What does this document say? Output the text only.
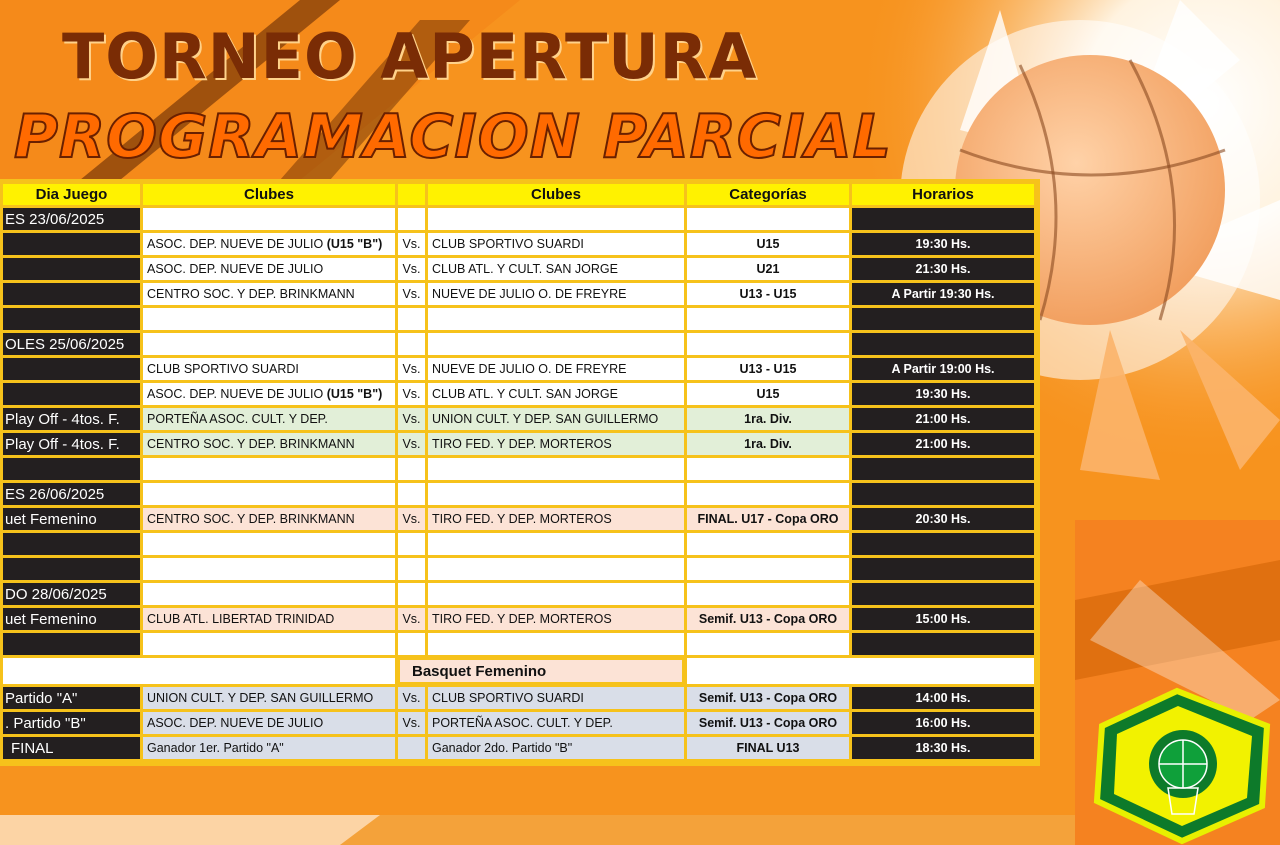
TORNEO APERTURA
PROGRAMACION PARCIAL
Dia Juego	Clubes		Clubes	Categorías	Horarios
ES 23/06/2025					
	ASOC. DEP. NUEVE DE JULIO (U15 "B")	Vs.	CLUB SPORTIVO SUARDI	U15	19:30 Hs.
	ASOC. DEP. NUEVE DE JULIO	Vs.	CLUB ATL. Y CULT. SAN JORGE	U21	21:30 Hs.
	CENTRO SOC. Y DEP. BRINKMANN	Vs.	NUEVE DE JULIO O. DE FREYRE	U13 - U15	A Partir 19:30 Hs.

OLES 25/06/2025					
	CLUB SPORTIVO SUARDI	Vs.	NUEVE DE JULIO O. DE FREYRE	U13 - U15	A Partir 19:00 Hs.
	ASOC. DEP. NUEVE DE JULIO (U15 "B")	Vs.	CLUB ATL. Y CULT. SAN JORGE	U15	19:30 Hs.
Play Off - 4tos. F.	PORTEÑA ASOC. CULT. Y DEP.	Vs.	UNION CULT. Y DEP. SAN GUILLERMO	1ra. Div.	21:00 Hs.
Play Off - 4tos. F.	CENTRO SOC. Y DEP. BRINKMANN	Vs.	TIRO FED. Y DEP. MORTEROS	1ra. Div.	21:00 Hs.

ES 26/06/2025					
uet Femenino	CENTRO SOC. Y DEP. BRINKMANN	Vs.	TIRO FED. Y DEP. MORTEROS	FINAL. U17 - Copa ORO	20:30 Hs.

DO 28/06/2025					
uet Femenino	CLUB ATL. LIBERTAD TRINIDAD	Vs.	TIRO FED. Y DEP. MORTEROS	Semif. U13 - Copa ORO	15:00 Hs.

		Basquet Femenino			
Partido "A"	UNION CULT. Y DEP. SAN GUILLERMO	Vs.	CLUB SPORTIVO SUARDI	Semif. U13 - Copa ORO	14:00 Hs.
. Partido "B"	ASOC. DEP. NUEVE DE JULIO	Vs.	PORTEÑA ASOC. CULT. Y DEP.	Semif. U13 - Copa ORO	16:00 Hs.
FINAL	Ganador 1er. Partido "A"		Ganador 2do. Partido "B"	FINAL U13	18:30 Hs.
